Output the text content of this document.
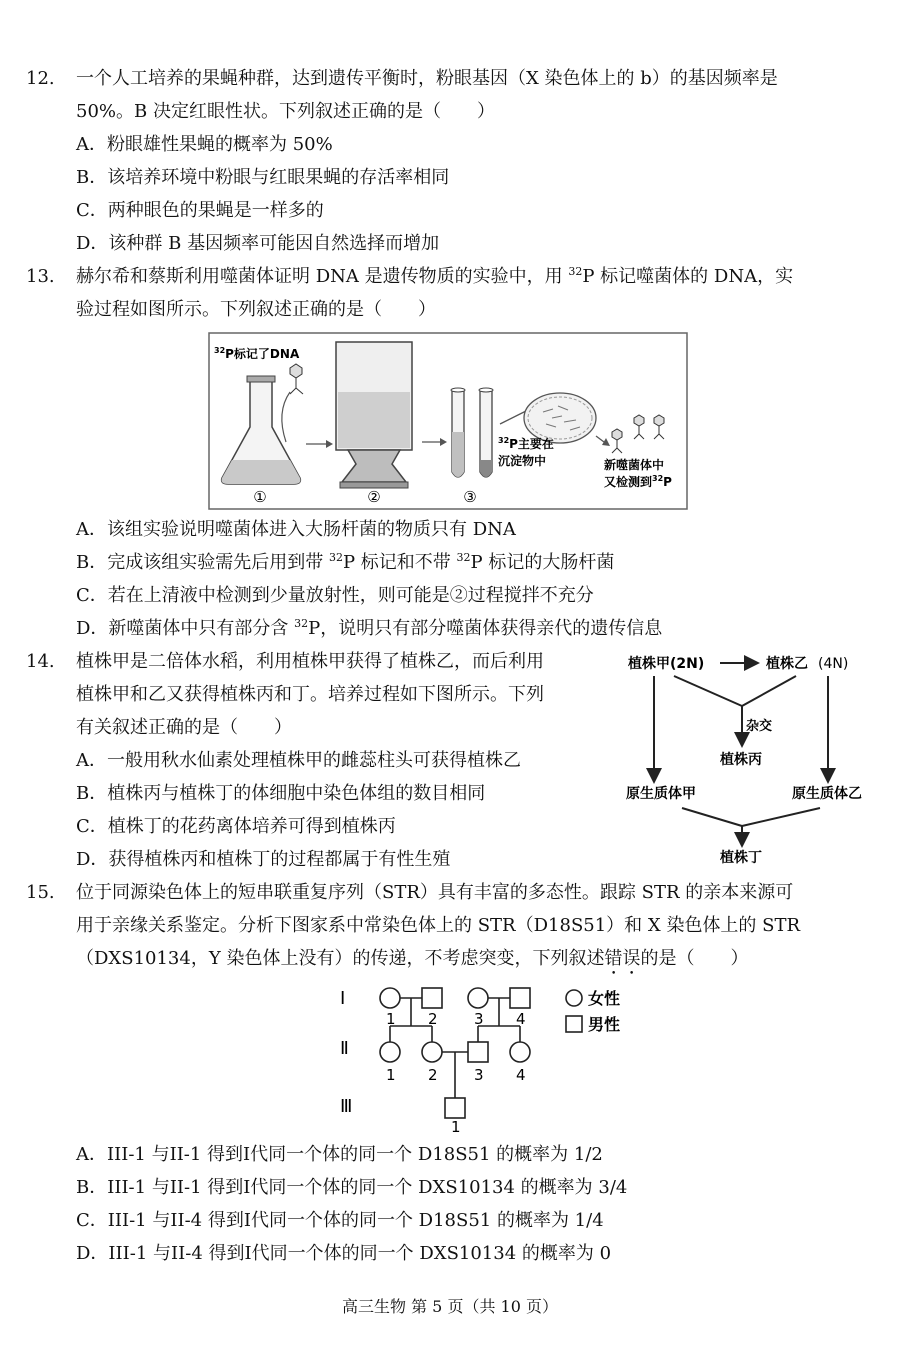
12. 一个人工培养的果蝇种群，达到遗传平衡时，粉眼基因（X 染色体上的 b）的基因频率是
50%。B 决定红眼性状。下列叙述正确的是（　　）
A．粉眼雄性果蝇的概率为 50%
B．该培养环境中粉眼与红眼果蝇的存活率相同
C．两种眼色的果蝇是一样多的
D．该种群 B 基因频率可能因自然选择而增加
13. 赫尔希和蔡斯利用噬菌体证明 DNA 是遗传物质的实验中，用 $^{32}$P 标记噬菌体的 DNA，实
验过程如图所示。下列叙述正确的是（　　）
$^{32}$P标记了DNA
①	②	③
$^{32}$P主要在
沉淀物中	新噬菌体中
又检测到$^{32}$P
A．该组实验说明噬菌体进入大肠杆菌的物质只有 DNA
B．完成该组实验需先后用到带 $^{32}$P 标记和不带 $^{32}$P 标记的大肠杆菌
C．若在上清液中检测到少量放射性，则可能是②过程搅拌不充分
D．新噬菌体中只有部分含 $^{32}$P，说明只有部分噬菌体获得亲代的遗传信息
14. 植株甲是二倍体水稻，利用植株甲获得了植株乙，而后利用
植株甲和乙又获得植株丙和丁。培养过程如下图所示。下列
有关叙述正确的是（　　）
A．一般用秋水仙素处理植株甲的雌蕊柱头可获得植株乙
B．植株丙与植株丁的体细胞中染色体组的数目相同
C．植株丁的花药离体培养可得到植株丙
D．获得植株丙和植株丁的过程都属于有性生殖
植株甲(2N)	植株乙 (4N)
杂交
植株丙
原生质体甲	原生质体乙
植株丁
15. 位于同源染色体上的短串联重复序列（STR）具有丰富的多态性。跟踪 STR 的亲本来源可
用于亲缘关系鉴定。分析下图家系中常染色体上的 STR（D18S51）和 X 染色体上的 STR
（DXS10134，Y 染色体上没有）的传递，不考虑突变，下列叙述错误的是（　　）
Ⅰ
Ⅱ
Ⅲ
1 2 3 4
1 2 3 4
1
女性
男性
A．III-1 与II-1 得到I代同一个体的同一个 D18S51 的概率为 1/2
B．III-1 与II-1 得到I代同一个体的同一个 DXS10134 的概率为 3/4
C．III-1 与II-4 得到I代同一个体的同一个 D18S51 的概率为 1/4
D．III-1 与II-4 得到I代同一个体的同一个 DXS10134 的概率为 0
高三生物 第 5 页（共 10 页）
